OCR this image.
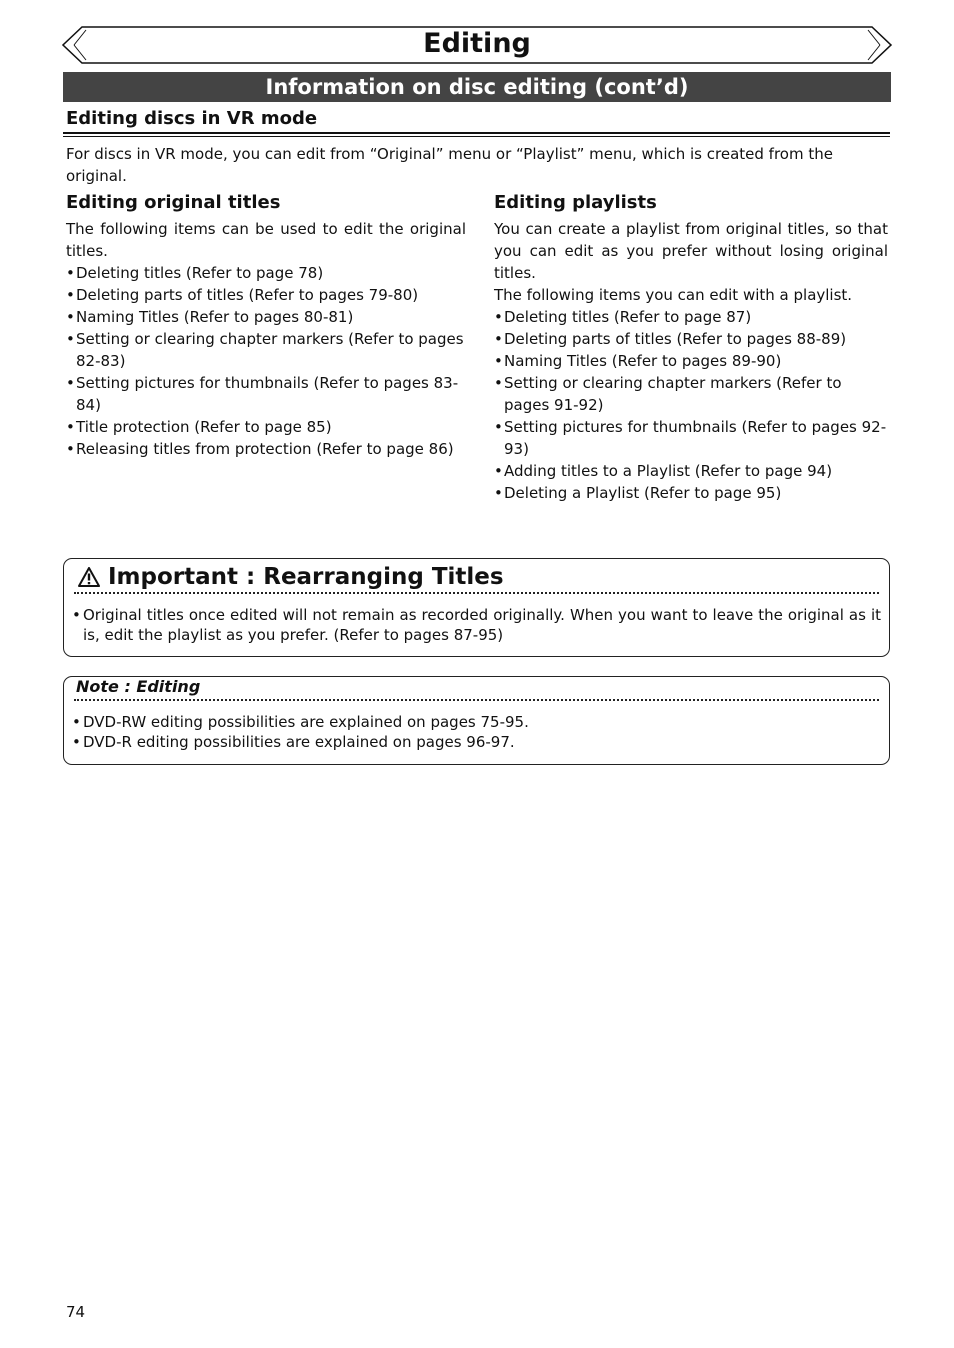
Editing
Information on disc editing (cont’d)
Editing discs in VR mode
For discs in VR mode, you can edit from “Original” menu or “Playlist” menu, which is created from the original.
Editing original titles

The following items can be used to edit the original titles.

• Deleting titles (Refer to page 78)
• Deleting parts of titles (Refer to pages 79-80)
• Naming Titles (Refer to pages 80-81)
• Setting or clearing chapter markers (Refer to pages 82-83)
• Setting pictures for thumbnails (Refer to pages 83-84)
• Title protection (Refer to page 85)
• Releasing titles from protection (Refer to page 86)
Editing playlists

You can create a playlist from original titles, so that you can edit as you prefer without losing original titles.

The following items you can edit with a playlist.

• Deleting titles (Refer to page 87)
• Deleting parts of titles (Refer to pages 88-89)
• Naming Titles (Refer to pages 89-90)
• Setting or clearing chapter markers (Refer to pages 91-92)
• Setting pictures for thumbnails (Refer to pages 92-93)
• Adding titles to a Playlist (Refer to page 94)
• Deleting a Playlist (Refer to page 95)
Important : Rearranging Titles
• Original titles once edited will not remain as recorded originally. When you want to leave the original as it is, edit the playlist as you prefer. (Refer to pages 87-95)
Note : Editing
• DVD-RW editing possibilities are explained on pages 75-95.
• DVD-R editing possibilities are explained on pages 96-97.
74
